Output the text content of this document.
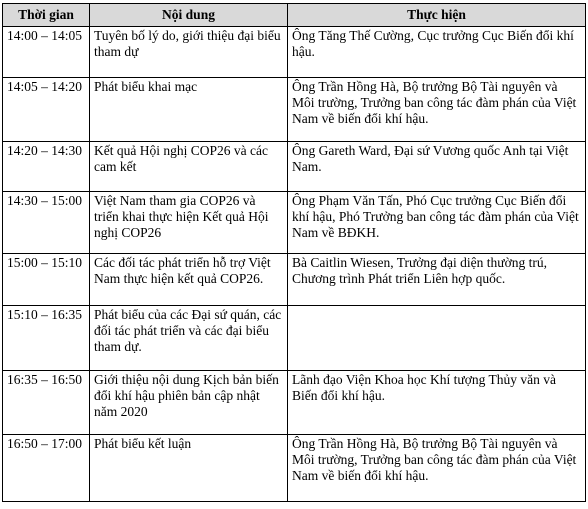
Thời gian	Nội dung	Thực hiện
14:00 – 14:05	Tuyên bố lý do, giới thiệu đại biểu tham dự	Ông Tăng Thế Cường, Cục trưởng Cục Biến đổi khí hậu.
14:05 – 14:20	Phát biểu khai mạc	Ông Trần Hồng Hà, Bộ trưởng Bộ Tài nguyên và Môi trường, Trưởng ban công tác đàm phán của Việt Nam về biến đổi khí hậu.
14:20 – 14:30	Kết quả Hội nghị COP26 và các cam kết	Ông Gareth Ward, Đại sứ Vương quốc Anh tại Việt Nam.
14:30 – 15:00	Việt Nam tham gia COP26 và triển khai thực hiện Kết quả Hội nghị COP26	Ông Phạm Văn Tấn, Phó Cục trưởng Cục Biến đổi khí hậu, Phó Trưởng ban công tác đàm phán của Việt Nam về BĐKH.
15:00 – 15:10	Các đối tác phát triển hỗ trợ Việt Nam thực hiện kết quả COP26.	Bà Caitlin Wiesen, Trưởng đại diện thường trú, Chương trình Phát triển Liên hợp quốc.
15:10 – 16:35	Phát biểu của các Đại sứ quán, các đối tác phát triển và các đại biểu tham dự.	
16:35 – 16:50	Giới thiệu nội dung Kịch bản biến đổi khí hậu phiên bản cập nhật năm 2020	Lãnh đạo Viện Khoa học Khí tượng Thủy văn và Biến đổi khí hậu.
16:50 – 17:00	Phát biểu kết luận	Ông Trần Hồng Hà, Bộ trưởng Bộ Tài nguyên và Môi trường, Trưởng ban công tác đàm phán của Việt Nam về biến đổi khí hậu.
